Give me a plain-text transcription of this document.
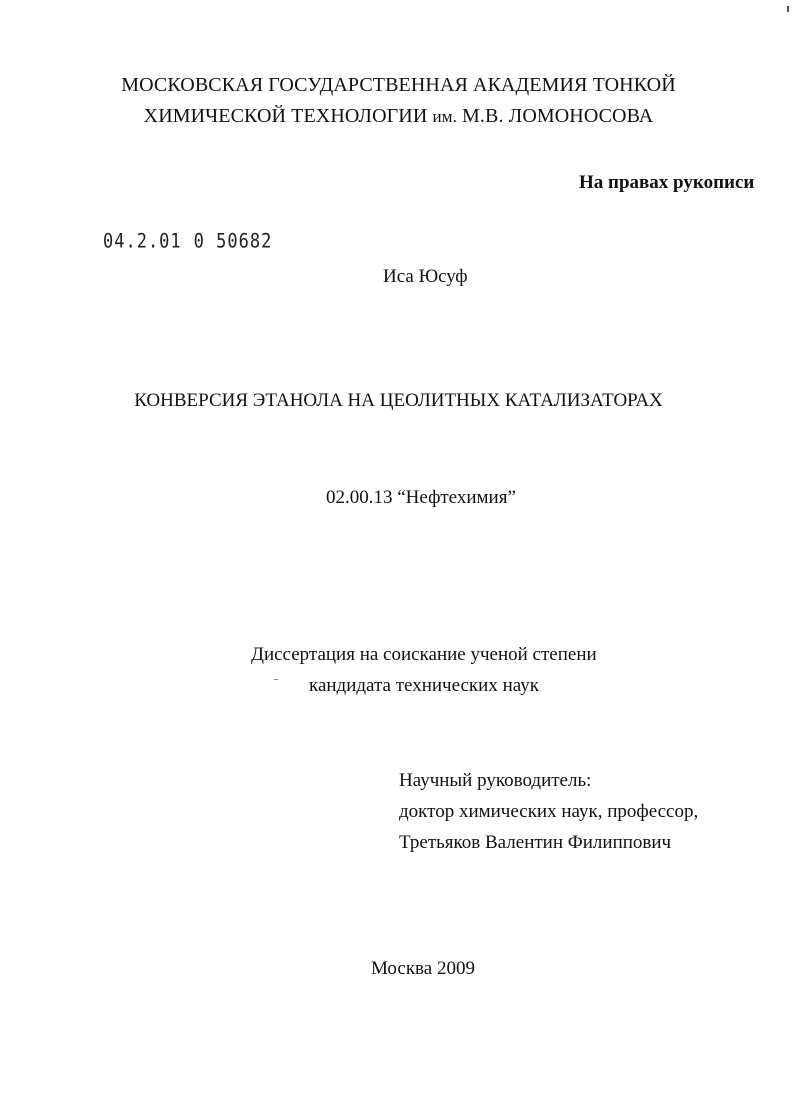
МОСКОВСКАЯ ГОСУДАРСТВЕННАЯ АКАДЕМИЯ ТОНКОЙ
ХИМИЧЕСКОЙ ТЕХНОЛОГИИ им. М.В. ЛОМОНОСОВА
На правах рукописи
04.2.01 0 50682
Иса Юсуф
КОНВЕРСИЯ ЭТАНОЛА НА ЦЕОЛИТНЫХ КАТАЛИЗАТОРАХ
02.00.13 “Нефтехимия”
Диссертация на соискание ученой степени
кандидата технических наук
Научный руководитель:
доктор химических наук, профессор,
Третьяков Валентин Филиппович
Москва 2009
